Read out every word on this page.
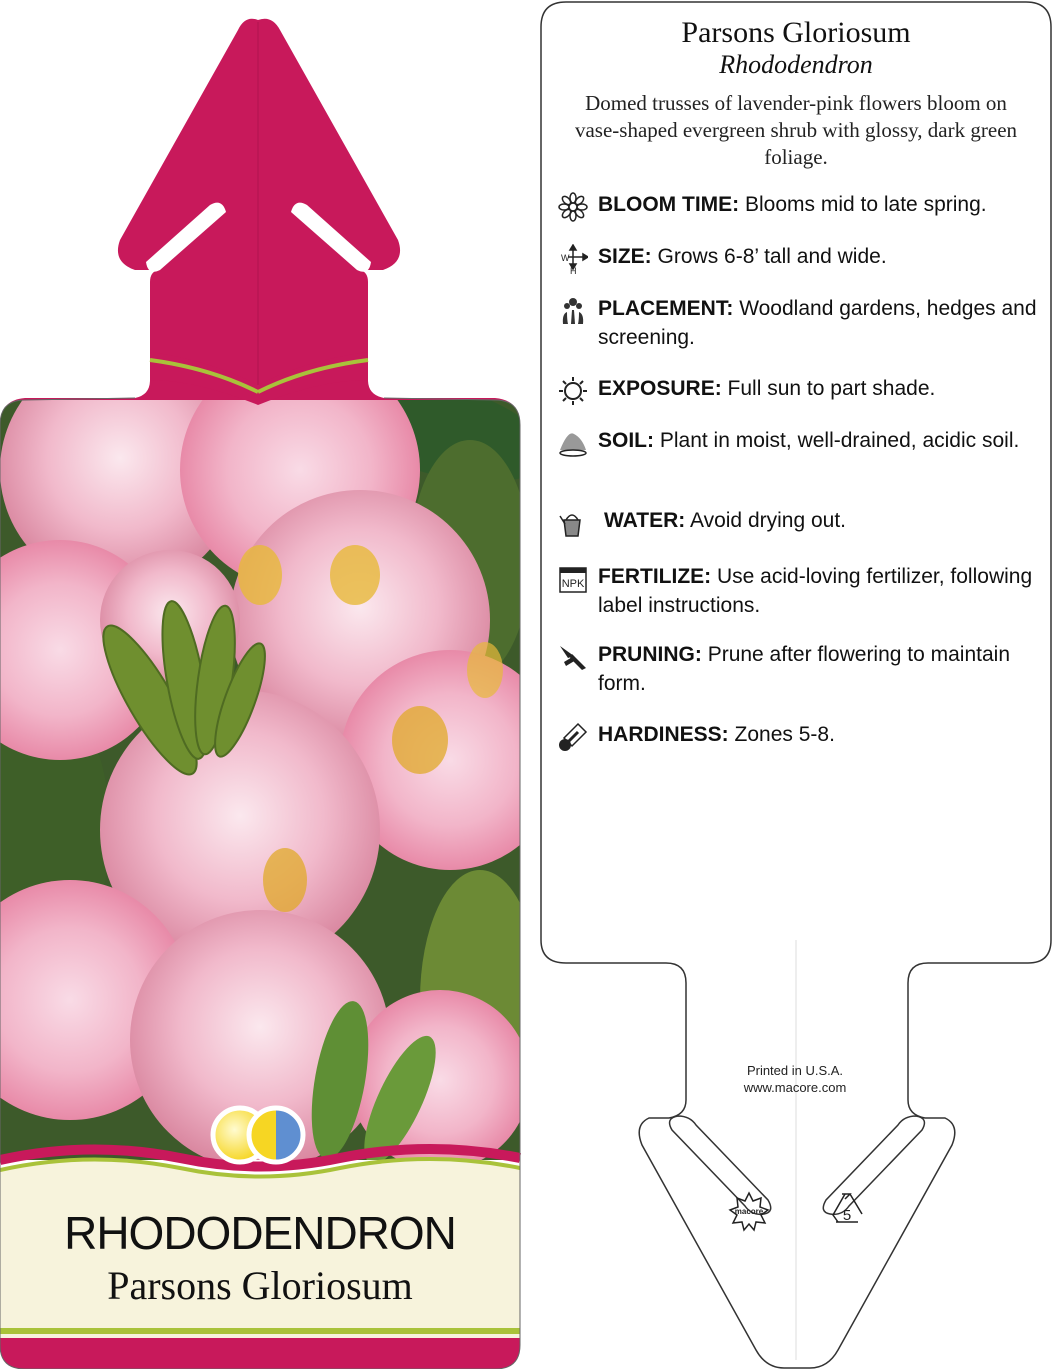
RHODODENDRON
Parsons Gloriosum
macore	5
Parsons Gloriosum
Rhododendron
Domed trusses of lavender-pink flowers bloom on vase-shaped evergreen shrub with glossy, dark green foliage.
BLOOM TIME: Blooms mid to late spring.
W
H
SIZE: Grows 6-8’ tall and wide.
PLACEMENT: Woodland gardens, hedges and screening.
EXPOSURE: Full sun to part shade.
SOIL: Plant in moist, well-drained, acidic soil.
WATER: Avoid drying out.
NPK FERTILIZE: Use acid-loving fertilizer, following label instructions.
PRUNING: Prune after flowering to maintain form.
HARDINESS: Zones 5-8.
Printed in U.S.A.
www.macore.com
